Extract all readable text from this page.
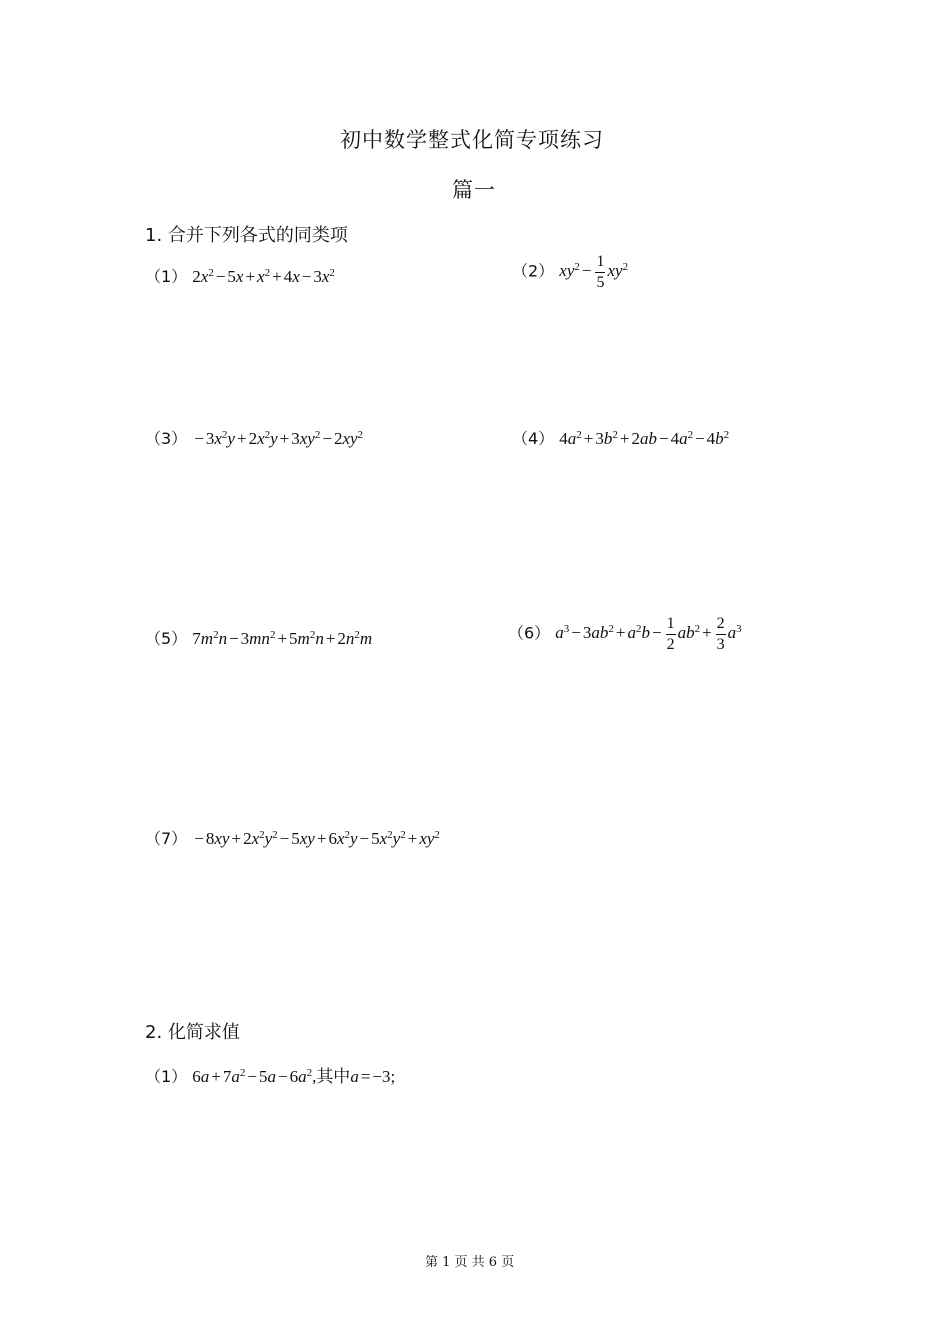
初中数学整式化简专项练习
篇一
1. 合并下列各式的同类项
（1） $2x^2 - 5x + x^2 + 4x - 3x^2$	（2） $xy^2 - \frac{1}{5} xy^2$
$(3) - 3x^2y + 2x^2y + 3xy^2 - 2xy^2$	（4） $4a^2 + 3b^2 + 2ab - 4a^2 - 4b^2$
（5） $7m^2n - 3mn^2 + 5m^2n + 2n^2m$	（6） $a^3 - 3ab^2 + a^2b - \frac{1}{2} ab^2 + \frac{2}{3} a^3$
$(7) - 8xy + 2x^2y^2 - 5xy + 6x^2y - 5x^2y^2 + xy^2$
2. 化简求值
（1） $6a + 7a^2 - 5a - 6a^2$,其中a = −3;
第 1 页 共 6 页
